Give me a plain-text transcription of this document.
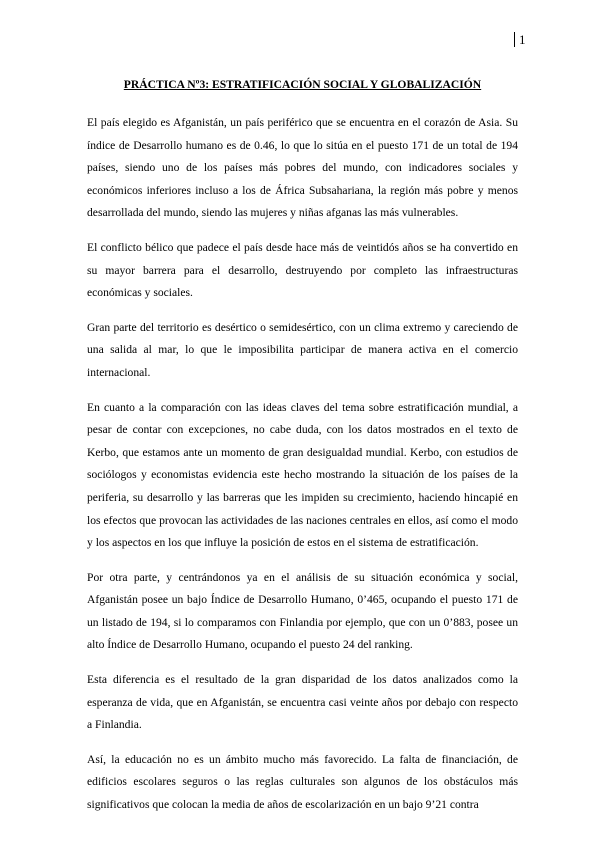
1
PRÁCTICA Nº3: ESTRATIFICACIÓN SOCIAL Y GLOBALIZACIÓN

El país elegido es Afganistán, un país periférico que se encuentra en el corazón de Asia. Su índice de Desarrollo humano es de 0.46, lo que lo sitúa en el puesto 171 de un total de 194 países, siendo uno de los países más pobres del mundo, con indicadores sociales y económicos inferiores incluso a los de África Subsahariana, la región más pobre y menos desarrollada del mundo, siendo las mujeres y niñas afganas las más vulnerables.

El conflicto bélico que padece el país desde hace más de veintidós años se ha convertido en su mayor barrera para el desarrollo, destruyendo por completo las infraestructuras económicas y sociales.

Gran parte del territorio es desértico o semidesértico, con un clima extremo y careciendo de una salida al mar, lo que le imposibilita participar de manera activa en el comercio internacional.

En cuanto a la comparación con las ideas claves del tema sobre estratificación mundial, a pesar de contar con excepciones, no cabe duda, con los datos mostrados en el texto de Kerbo, que estamos ante un momento de gran desigualdad mundial. Kerbo, con estudios de sociólogos y economistas evidencia este hecho mostrando la situación de los países de la periferia, su desarrollo y las barreras que les impiden su crecimiento, haciendo hincapié en los efectos que provocan las actividades de las naciones centrales en ellos, así como el modo y los aspectos en los que influye la posición de estos en el sistema de estratificación.

Por otra parte, y centrándonos ya en el análisis de su situación económica y social, Afganistán posee un bajo Índice de Desarrollo Humano, 0’465, ocupando el puesto 171 de un listado de 194, si lo comparamos con Finlandia por ejemplo, que con un 0’883, posee un alto Índice de Desarrollo Humano, ocupando el puesto 24 del ranking.

Esta diferencia es el resultado de la gran disparidad de los datos analizados como la esperanza de vida, que en Afganistán, se encuentra casi veinte años por debajo con respecto a Finlandia.

Así, la educación no es un ámbito mucho más favorecido. La falta de financiación, de edificios escolares seguros o las reglas culturales son algunos de los obstáculos más significativos que colocan la media de años de escolarización en un bajo 9’21 contra
